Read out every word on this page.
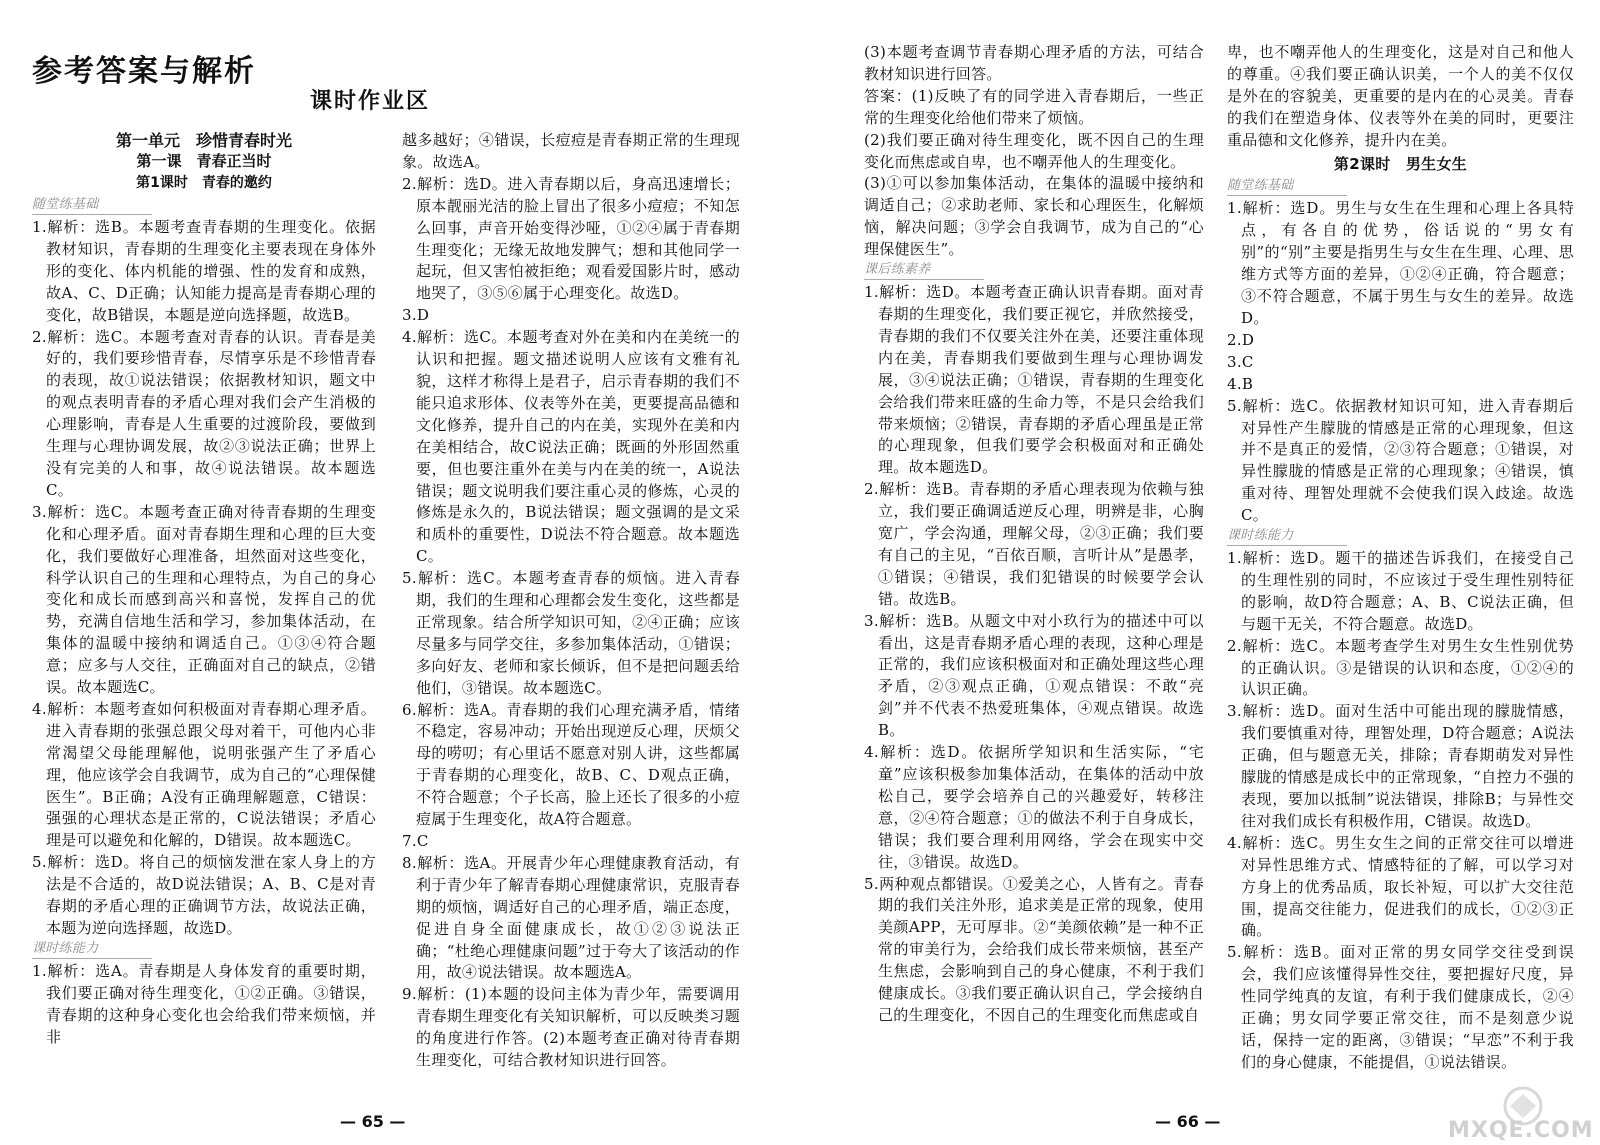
参考答案与解析
课时作业区
第一单元　珍惜青春时光
第一课　青春正当时
第1课时　青春的邀约
随堂练基础

1.解析：选B。本题考查青春期的生理变化。依据教材知识，青春期的生理变化主要表现在身体外形的变化、体内机能的增强、性的发育和成熟，故A、C、D正确；认知能力提高是青春期心理的变化，故B错误，本题是逆向选择题，故选B。

2.解析：选C。本题考查对青春的认识。青春是美好的，我们要珍惜青春，尽情享乐是不珍惜青春的表现，故①说法错误；依据教材知识，题文中的观点表明青春的矛盾心理对我们会产生消极的心理影响，青春是人生重要的过渡阶段，要做到生理与心理协调发展，故②③说法正确；世界上没有完美的人和事，故④说法错误。故本题选C。

3.解析：选C。本题考查正确对待青春期的生理变化和心理矛盾。面对青春期生理和心理的巨大变化，我们要做好心理准备，坦然面对这些变化，科学认识自己的生理和心理特点，为自己的身心变化和成长而感到高兴和喜悦，发挥自己的优势，充满自信地生活和学习，参加集体活动，在集体的温暖中接纳和调适自己。①③④符合题意；应多与人交往，正确面对自己的缺点，②错误。故本题选C。

4.解析：本题考查如何积极面对青春期心理矛盾。进入青春期的张强总跟父母对着干，可他内心非常渴望父母能理解他，说明张强产生了矛盾心理，他应该学会自我调节，成为自己的“心理保健医生”。B正确；A没有正确理解题意，C错误：强强的心理状态是正常的，C说法错误；矛盾心理是可以避免和化解的，D错误。故本题选C。

5.解析：选D。将自己的烦恼发泄在家人身上的方法是不合适的，故D说法错误；A、B、C是对青春期的矛盾心理的正确调节方法，故说法正确，本题为逆向选择题，故选D。

课时练能力

1.解析：选A。青春期是人身体发育的重要时期，我们要正确对待生理变化，①②正确。③错误，青春期的这种身心变化也会给我们带来烦恼，并非

越多越好；④错误，长痘痘是青春期正常的生理现象。故选A。

2.解析：选D。进入青春期以后，身高迅速增长；原本靓丽光洁的脸上冒出了很多小痘痘；不知怎么回事，声音开始变得沙哑，①②④属于青春期生理变化；无缘无故地发脾气；想和其他同学一起玩，但又害怕被拒绝；观看爱国影片时，感动地哭了，③⑤⑥属于心理变化。故选D。

3.D

4.解析：选C。本题考查对外在美和内在美统一的认识和把握。题文描述说明人应该有文雅有礼貌，这样才称得上是君子，启示青春期的我们不能只追求形体、仪表等外在美，更要提高品德和文化修养，提升自己的内在美，实现外在美和内在美相结合，故C说法正确；既画的外形固然重要，但也要注重外在美与内在美的统一，A说法错误；题文说明我们要注重心灵的修炼，心灵的修炼是永久的，B说法错误；题文强调的是文采和质朴的重要性，D说法不符合题意。故本题选C。

5.解析：选C。本题考查青春的烦恼。进入青春期，我们的生理和心理都会发生变化，这些都是正常现象。结合所学知识可知，②④正确；应该尽量多与同学交往，多参加集体活动，①错误；多向好友、老师和家长倾诉，但不是把问题丢给他们，③错误。故本题选C。

6.解析：选A。青春期的我们心理充满矛盾，情绪不稳定，容易冲动；开始出现逆反心理，厌烦父母的唠叨；有心里话不愿意对别人讲，这些都属于青春期的心理变化，故B、C、D观点正确，不符合题意；个子长高，脸上还长了很多的小痘痘属于生理变化，故A符合题意。

7.C

8.解析：选A。开展青少年心理健康教育活动，有利于青少年了解青春期心理健康常识，克服青春期的烦恼，调适好自己的心理矛盾，端正态度，促进自身全面健康成长，故①②③说法正确；“杜绝心理健康问题”过于夸大了该活动的作用，故④说法错误。故本题选A。

9.解析：(1)本题的设问主体为青少年，需要调用青春期生理变化有关知识解析，可以反映类习题的角度进行作答。(2)本题考查正确对待青春期生理变化，可结合教材知识进行回答。

— 65 —

(3)本题考查调节青春期心理矛盾的方法，可结合教材知识进行回答。

答案：(1)反映了有的同学进入青春期后，一些正常的生理变化给他们带来了烦恼。

(2)我们要正确对待生理变化，既不因自己的生理变化而焦虑或自卑，也不嘲弄他人的生理变化。

(3)①可以参加集体活动，在集体的温暖中接纳和调适自己；②求助老师、家长和心理医生，化解烦恼，解决问题；③学会自我调节，成为自己的“心理保健医生”。

课后练素养

1.解析：选D。本题考查正确认识青春期。面对青春期的生理变化，我们要正视它，并欣然接受，青春期的我们不仅要关注外在美，还要注重体现内在美，青春期我们要做到生理与心理协调发展，③④说法正确；①错误，青春期的生理变化会给我们带来旺盛的生命力等，不是只会给我们带来烦恼；②错误，青春期的矛盾心理虽是正常的心理现象，但我们要学会积极面对和正确处理。故本题选D。

2.解析：选B。青春期的矛盾心理表现为依赖与独立，我们要正确调适逆反心理，明辨是非，心胸宽广，学会沟通，理解父母，②③正确；我们要有自己的主见，“百依百顺，言听计从”是愚孝，①错误；④错误，我们犯错误的时候要学会认错。故选B。

3.解析：选B。从题文中对小玖行为的描述中可以看出，这是青春期矛盾心理的表现，这种心理是正常的，我们应该积极面对和正确处理这些心理矛盾，②③观点正确，①观点错误：不敢“亮剑”并不代表不热爱班集体，④观点错误。故选B。

4.解析：选D。依据所学知识和生活实际，“宅童”应该积极参加集体活动，在集体的活动中放松自己，要学会培养自己的兴趣爱好，转移注意，②④符合题意；①的做法不利于自身成长，错误；我们要合理利用网络，学会在现实中交往，③错误。故选D。

5.两种观点都错误。①爱美之心，人皆有之。青春期的我们关注外形，追求美是正常的现象，使用美颜APP，无可厚非。②“美颜依赖”是一种不正常的审美行为，会给我们成长带来烦恼，甚至产生焦虑，会影响到自己的身心健康，不利于我们健康成长。③我们要正确认识自己，学会接纳自己的生理变化，不因自己的生理变化而焦虑或自

卑，也不嘲弄他人的生理变化，这是对自己和他人的尊重。④我们要正确认识美，一个人的美不仅仅是外在的容貌美，更重要的是内在的心灵美。青春的我们在塑造身体、仪表等外在美的同时，更要注重品德和文化修养，提升内在美。

第2课时　男生女生
随堂练基础

1.解析：选D。男生与女生在生理和心理上各具特点，有各自的优势，俗话说的“男女有别”的“别”主要是指男生与女生在生理、心理、思维方式等方面的差异，①②④正确，符合题意；③不符合题意，不属于男生与女生的差异。故选D。

2.D

3.C

4.B

5.解析：选C。依据教材知识可知，进入青春期后对异性产生朦胧的情感是正常的心理现象，但这并不是真正的爱情，②③符合题意；①错误，对异性朦胧的情感是正常的心理现象；④错误，慎重对待、理智处理就不会使我们误入歧途。故选C。

课时练能力

1.解析：选D。题干的描述告诉我们，在接受自己的生理性别的同时，不应该过于受生理性别特征的影响，故D符合题意；A、B、C说法正确，但与题干无关，不符合题意。故选D。

2.解析：选C。本题考查学生对男生女生性别优势的正确认识。③是错误的认识和态度，①②④的认识正确。

3.解析：选D。面对生活中可能出现的朦胧情感，我们要慎重对待，理智处理，D符合题意；A说法正确，但与题意无关，排除；青春期萌发对异性朦胧的情感是成长中的正常现象，“自控力不强的表现，要加以抵制”说法错误，排除B；与异性交往对我们成长有积极作用，C错误。故选D。

4.解析：选C。男生女生之间的正常交往可以增进对异性思维方式、情感特征的了解，可以学习对方身上的优秀品质，取长补短，可以扩大交往范围，提高交往能力，促进我们的成长，①②③正确。

5.解析：选B。面对正常的男女同学交往受到误会，我们应该懂得异性交往，要把握好尺度，异性同学纯真的友谊，有利于我们健康成长，②④正确；男女同学要正常交往，而不是刻意少说话，保持一定的距离，③错误；“早恋”不利于我们的身心健康，不能提倡，①说法错误。

— 66 —	MXQE.COM
